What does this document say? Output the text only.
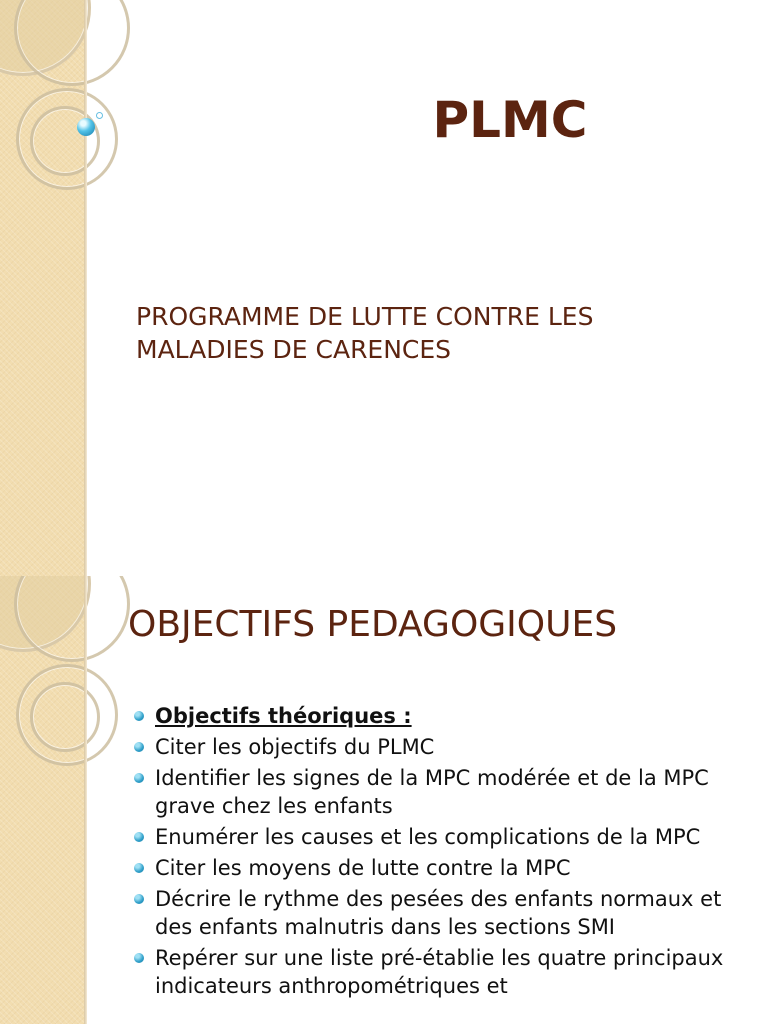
PLMC

PROGRAMME DE LUTTE CONTRE LES MALADIES DE CARENCES

OBJECTIFS PEDAGOGIQUES
Objectifs théoriques :
Citer les objectifs du PLMC
Identifier les signes de la MPC modérée et de la MPC grave chez les enfants
Enumérer les causes et les complications de la MPC
Citer les moyens de lutte contre la MPC
Décrire le rythme des pesées des enfants normaux et des enfants malnutris dans les sections SMI
Repérer sur une liste pré-établie les quatre principaux indicateurs anthropométriques et
